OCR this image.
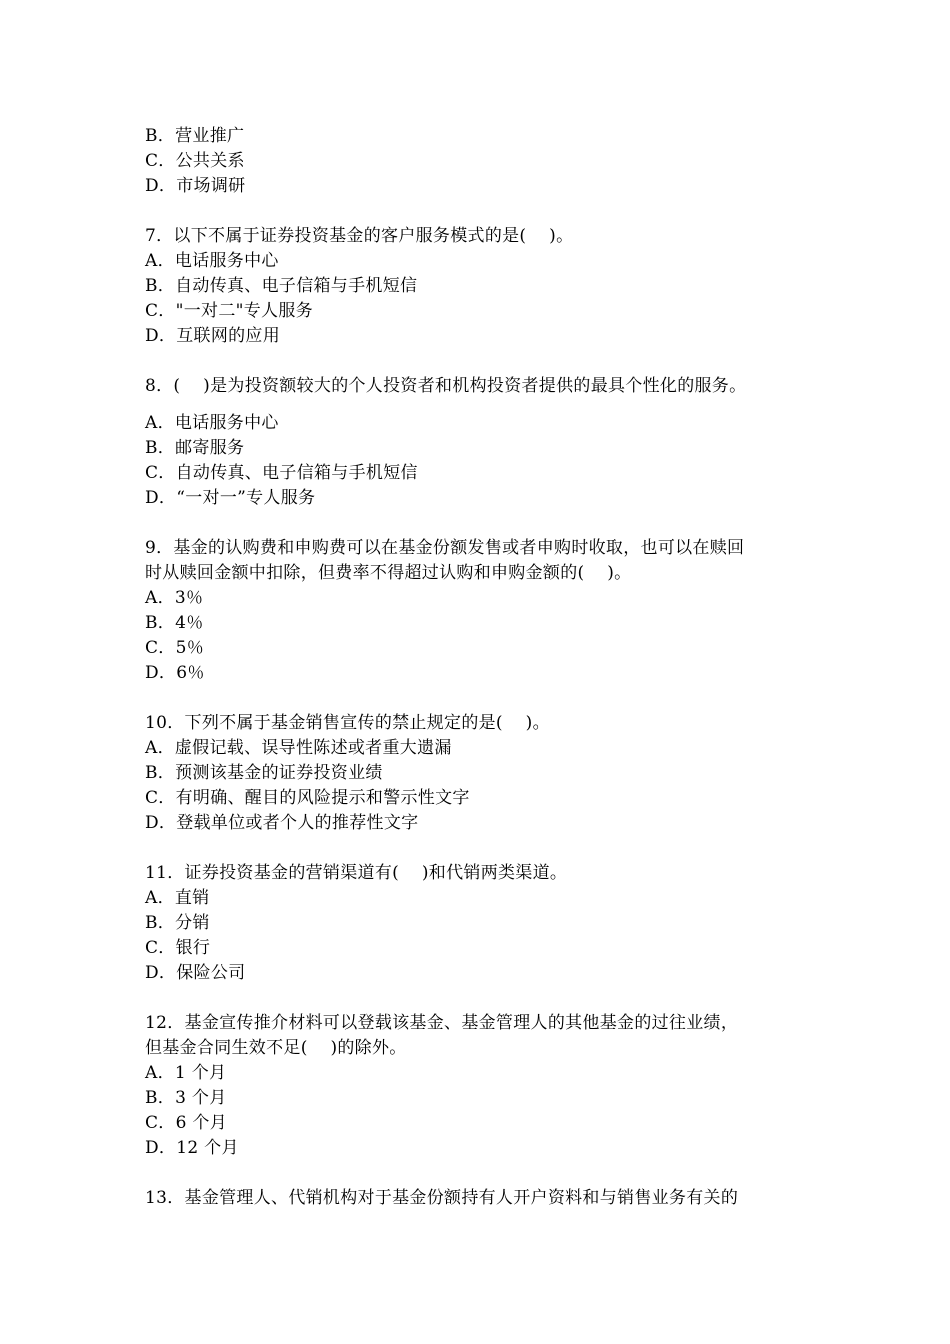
B．营业推广
C．公共关系
D．市场调研
7．以下不属于证券投资基金的客户服务模式的是(    )。
A．电话服务中心
B．自动传真、电子信箱与手机短信
C．"一对二"专人服务
D．互联网的应用
8．(    )是为投资额较大的个人投资者和机构投资者提供的最具个性化的服务。
A．电话服务中心
B．邮寄服务
C．自动传真、电子信箱与手机短信
D．“一对一”专人服务
9．基金的认购费和申购费可以在基金份额发售或者申购时收取，也可以在赎回
时从赎回金额中扣除，但费率不得超过认购和申购金额的(    )。
A．3％
B．4％
C．5％
D．6％
10．下列不属于基金销售宣传的禁止规定的是(    )。
A．虚假记载、误导性陈述或者重大遗漏
B．预测该基金的证券投资业绩
C．有明确、醒目的风险提示和警示性文字
D．登载单位或者个人的推荐性文字
11．证券投资基金的营销渠道有(    )和代销两类渠道。
A．直销
B．分销
C．银行
D．保险公司
12．基金宣传推介材料可以登载该基金、基金管理人的其他基金的过往业绩，
但基金合同生效不足(    )的除外。
A．1 个月
B．3 个月
C．6 个月
D．12 个月
13．基金管理人、代销机构对于基金份额持有人开户资料和与销售业务有关的
